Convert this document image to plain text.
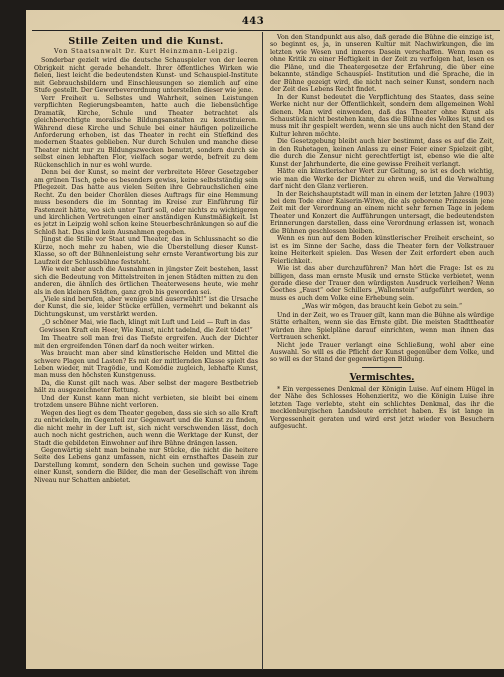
443
Stille Zeiten und die Kunst.
Von Staatsanwalt Dr. Kurt Heinzmann-Leipzig.

Sonderbar gezielt wird die deutsche Schauspieler von der leeren Obrigkeit nicht gerade behandelt. Ihrer öffentliches Wirken wie fielen, liest leicht die bedeutendsten Kunst- und Schauspiel-Institute mit Gebrauchsbildern und Einschleusungen so ziemlich auf eine Stufe gestellt. Der Gewerbeverordnung unterstellen dieser wie jene.

Verr Freiheit u. Selbstes und Wahrheit, seinen Leistungen verpflichten Regierungsbeamten, hatte auch die liebensüchtige Dramatik, Kirche, Schule und Theater betrachtet als gleichberechtigte moralische Bildungsanstalten zu konstituieren. Während diese Kirche und Schule bei einer häufigen polizeiliche Anforderung erhoben, ist das Theater in recht ein Stiefkind des modernen Staates geblieben. Nur durch Schulen und manche diese Theater nicht nur zu Bildungszwecken benutzt, sondern durch sie selbst einen lebhaften Flor, vielfach sogar werde, befreit zu dem Rückenschlich in nur es wohl wurde.

Denn bei der Kunst, so meint der verbreitete Hörer Gesetzgeber am grünen Tisch, gebe es besonders gewiss, keine selbstständig sein Pflegezeit. Das hatte aus vielen Seiten ihre Gebrauchslichen eine Recht. Zu den beider Chorälen dieses Auftrags für eine Hemmung muss besonders die im Sonntag im Kreise zur Einführung für Fastenzeit hätte, wo sich unter Tarif soll, oder nichts zu wichtigeren und kirchlichen Vertretungen einer anständigen Kunstmäßigkeit. Ist es jetzt in Leipzig wohl schon keine Steuerbeschränkungen so auf die Schloß hat. Das sind kein Ausnahmen gegeben.

Jüngst die Stille vor Staat und Theater, das in Schlussnacht so die Kürze, noch mehr zu haben, wie die Überstellung dieser Kunst-Klasse, so oft der Bühnenleistung sehr ernste Verantwortung bis zur Laufzeit der Schlussbühne feststeht.

Wie weit aber auch die Ausnahmen in jüngster Zeit bestehen, lasst sich die Bedeutung von Mittelstreiten in jenen Städten mitten zu den anderen, die ähnlich des örtlichen Theaterwesens heute, wie mehr als in den kleinen Städten, ganz grob bis geworden sei.

„Viele sind berufen, aber wenige sind auserwählt!“ ist die Ursache der Kunst, die sie, leider Stücke erfüllen, vermehrt und bekannt als Dichtungskunst, um verstärkt werden.

„O schöner Mai, wie flach, klingt mit Luft und Leid — Ruft in das Gewissen Kraft ein Heer, Wie Kunst, nicht tadelnd, die Zeit tödet!“

Im Theatre soll man frei das Tiefste ergreifen. Auch der Dichter mit den ergreifenden Tönen darf da noch weiter wirken.

Was braucht man aber sind künstlerische Helden und Mittel die schwere Plagen und Lasten? Es mit der mittlernden Klasse spielt das Leben wieder, mit Tragödie, und Komödie zugleich, lebhafte Kunst, man muss den höchsten Kunstgenuss.

Da, die Kunst gilt nach was. Aber selbst der magere Bestbetrieb hält zu ausgezeichneter Rettung.

Und der Kunst kann man nicht verbieten, sie bleibt bei einem trotzdem unsere Bühne nicht verloren.

Wegen des liegt es dem Theater gegeben, dass sie sich so alle Kraft zu entwickeln, im Gegenteil zur Gegenwart und die Kunst zu finden, die nicht mehr in der Luft ist, sich nicht verschwenden lässt, doch auch noch nicht gestrichen, auch wenn die Werktage der Kunst, der Stadt die gebildeten Einwohner auf ihre Bühne drängen lassen.

Gegenwärtig sieht man beinahe nur Stücke, die nicht die heitere Seite des Lebens ganz umfassen, nicht ein ernsthaftes Dasein zur Darstellung kommt, sondern den Schein suchen und gewisse Tage einer Kunst, sondern die Bilder, die man der Gesellschaft von ihrem Niveau nur Schatten anbietet.

Von den Standpunkt aus also, daß gerade die Bühne die einzige ist, so beginnt es, ja, in unseren Kultur mit Nachwirkungen, die im letzten wie Wesen und inneres Dasein verschaffen. Wenn man es ohne Kritik zu einer Heftigkeit in der Zeit zu verfolgen hat, lesen es die Pläne, und die Theatergesetze der Erfahrung, die über eine bekannte, ständige Schauspiel- Institution und die Sprache, die in der Bühne gezeigt wird, die nicht nach seiner Kunst, sondern nach der Zeit des Lebens Recht findet.

In der Kunst bedeutet die Verpflichtung des Staates, dass seine Werke nicht nur der Öffentlichkeit, sondern dem allgemeinen Wohl dienen. Man wird einwenden, daß das Theater ohne Kunst als Schaustück nicht bestehen kann, das die Bühne des Volkes ist, und es muss mit ihr gespielt werden, wenn sie uns auch nicht den Stand der Kultur lehren möchte.

Die Gesetzgebung bleibt auch hier bestimmt, dass es auf die Zeit, in den Ruhetagen, keinen Anlass zu einer Feier einer Spielzeit gibt, die durch die Zensur nicht gerechtfertigt ist, ebenso wie die alte Kunst der Jahrhunderte, die eine gewisse Freiheit verlangt.

Hätte ein künstlerischer Wert zur Geltung, so ist es doch wichtig, wie man die Werke der Dichter zu ehren weiß, und die Verwaltung darf nicht den Glanz verlieren.

In der Reichshauptstadt will man in einem der letzten Jahre (1903) bei dem Tode einer Kaiserin-Witwe, die als geborene Prinzessin jene Zeit mit der Verordnung an einem nicht sehr fernen Tage in jedem Theater und Konzert die Aufführungen untersagt, die bedeutendsten Erinnerungen darstellen, dass eine Verordnung erlassen ist, wonach die Bühnen geschlossen bleiben.

Wenn es nun auf dem Boden künstlerischer Freiheit erscheint, so ist es im Sinne der Sache, dass die Theater fern der Volkstrauer keine Heiterkeit spielen. Das Wesen der Zeit erfordert eben auch Feierlichkeit.

Wie ist das aber durchzuführen? Man hört die Frage: Ist es zu billigen, dass man ernste Musik und ernste Stücke verbietet, wenn gerade diese der Trauer den würdigsten Ausdruck verleihen? Wenn Goethes „Faust“ oder Schillers „Wallenstein“ aufgeführt werden, so muss es auch dem Volke eine Erhebung sein.

„Was wir mögen, das braucht kein Gebot zu sein.“

Und in der Zeit, wo es Trauer gilt, kann man die Bühne als würdige Stätte erhalten, wenn sie das Ernste gibt. Die meisten Stadttheater würden ihre Spielpläne darauf einrichten, wenn man ihnen das Vertrauen schenkt.

Nicht jede Trauer verlangt eine Schließung, wohl aber eine Auswahl. So will es die Pflicht der Kunst gegenüber dem Volke, und so will es der Stand der gegenwärtigen Bildung.

Vermischtes.

* Ein vergessenes Denkmal der Königin Luise. Auf einem Hügel in der Nähe des Schlosses Hohenzieritz, wo die Königin Luise ihre letzten Tage verlebte, steht ein schlichtes Denkmal, das ihr die mecklenburgischen Landsleute errichtet haben. Es ist lange in Vergessenheit geraten und wird erst jetzt wieder von Besuchern aufgesucht.
